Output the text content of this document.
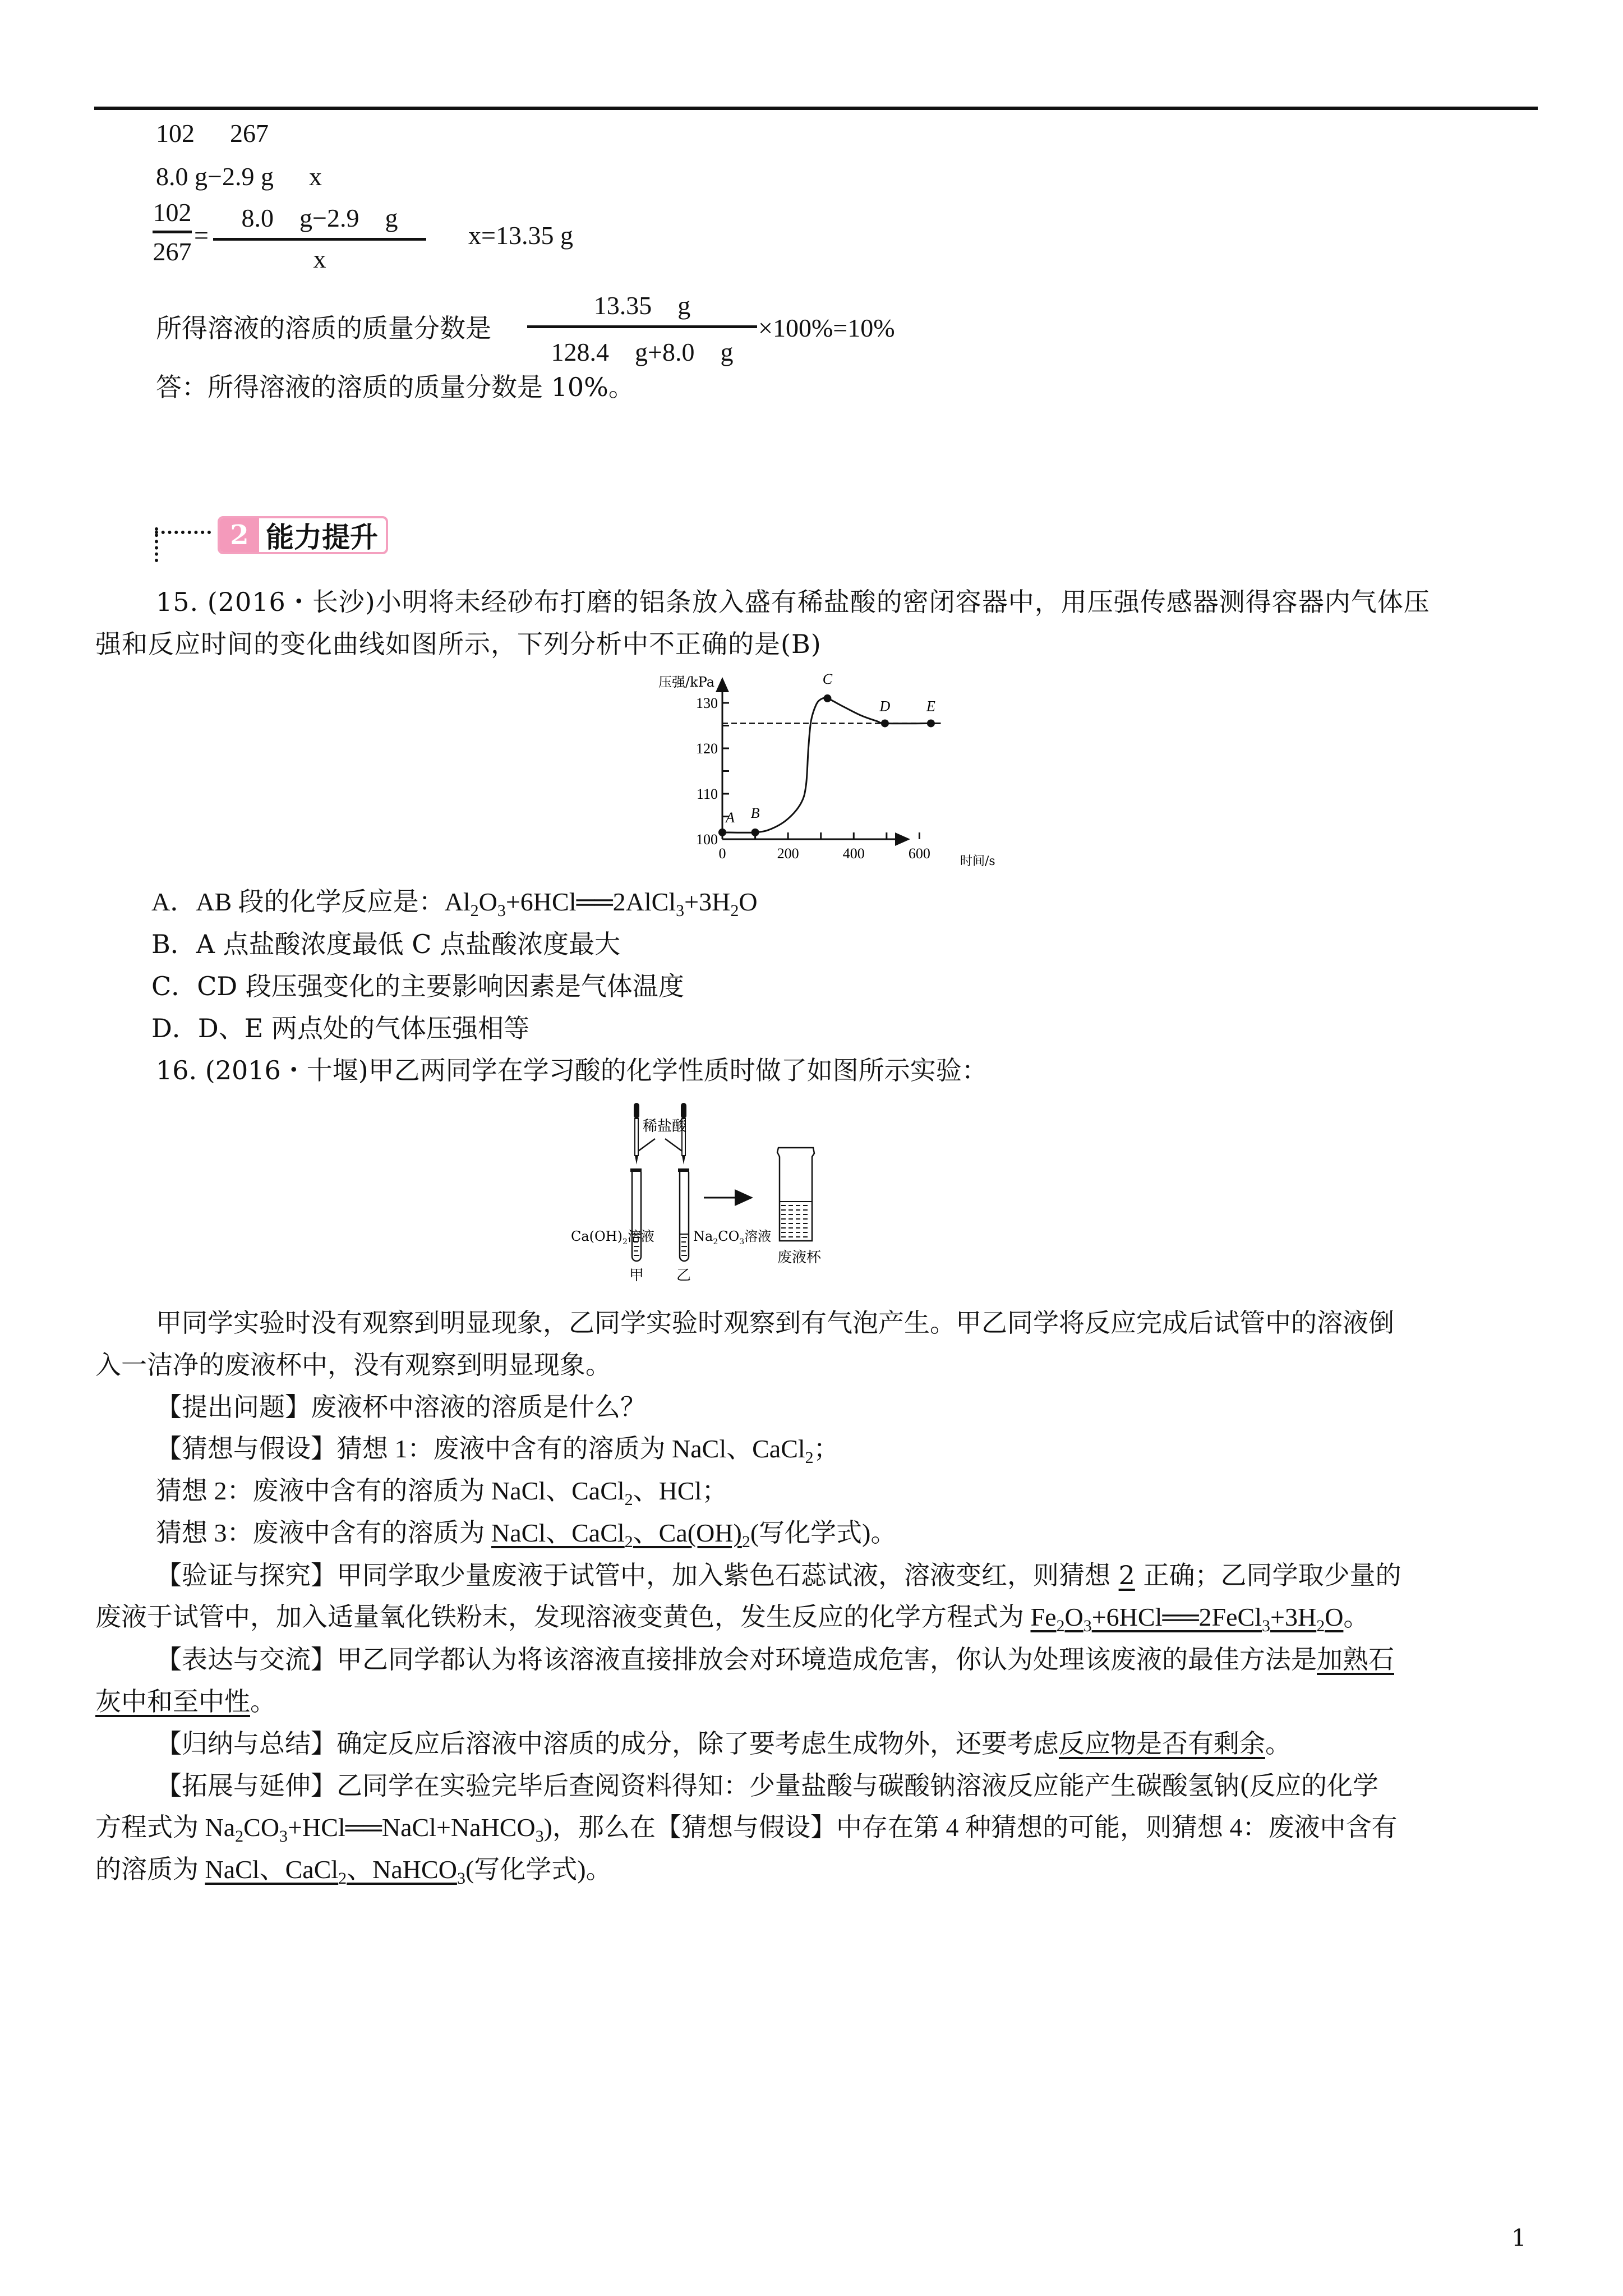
102 267
8.0 g−2.9 g x
102
267
=
8.0　g−2.9　g
x
x=13.35 g
所得溶液的溶质的质量分数是
13.35　g
128.4　g+8.0　g
×100%=10%
答：所得溶液的溶质的质量分数是 10%。
2 能力提升
15. (2016・长沙)小明将未经砂布打磨的铝条放入盛有稀盐酸的密闭容器中，用压强传感器测得容器内气体压
强和反应时间的变化曲线如图所示，下列分析中不正确的是(B)
100
110
120
130
0	200	400	600
A B
C
D E
压强/kPa
时间/s
A．AB 段的化学反应是：$Al_2O_3+6HCl══2AlCl_3+3H_2O$
B．A 点盐酸浓度最低 C 点盐酸浓度最大
C．CD 段压强变化的主要影响因素是气体温度
D．D、E 两点处的气体压强相等
16. (2016・十堰)甲乙两同学在学习酸的化学性质时做了如图所示实验：
稀盐酸
$Ca(OH)_2$溶液	$Na_2CO_3$溶液
甲 乙
废液杯
甲同学实验时没有观察到明显现象，乙同学实验时观察到有气泡产生。甲乙同学将反应完成后试管中的溶液倒
入一洁净的废液杯中，没有观察到明显现象。
【提出问题】废液杯中溶液的溶质是什么？
【猜想与假设】猜想 1：废液中含有的溶质为 NaCl、CaCl$_2$；
猜想 2：废液中含有的溶质为 NaCl、CaCl$_2$、HCl；
猜想 3：废液中含有的溶质为 NaCl、CaCl$_2$、$Ca(OH)_2$(写化学式)。
【验证与探究】甲同学取少量废液于试管中，加入紫色石蕊试液，溶液变红，则猜想 2 正确；乙同学取少量的
废液于试管中，加入适量氧化铁粉末，发现溶液变黄色，发生反应的化学方程式为 $Fe_2O_3+6HCl══2FeCl_3+3H_2O$。
【表达与交流】甲乙同学都认为将该溶液直接排放会对环境造成危害，你认为处理该废液的最佳方法是加熟石
灰中和至中性。
【归纳与总结】确定反应后溶液中溶质的成分，除了要考虑生成物外，还要考虑反应物是否有剩余。
【拓展与延伸】乙同学在实验完毕后查阅资料得知：少量盐酸与碳酸钠溶液反应能产生碳酸氢钠(反应的化学
方程式为 $Na_2CO_3+HCl══NaCl+NaHCO_3$)，那么在【猜想与假设】中存在第 4 种猜想的可能，则猜想 4：废液中含有
的溶质为 NaCl、CaCl$_2$、NaHCO$_3$(写化学式)。
1
